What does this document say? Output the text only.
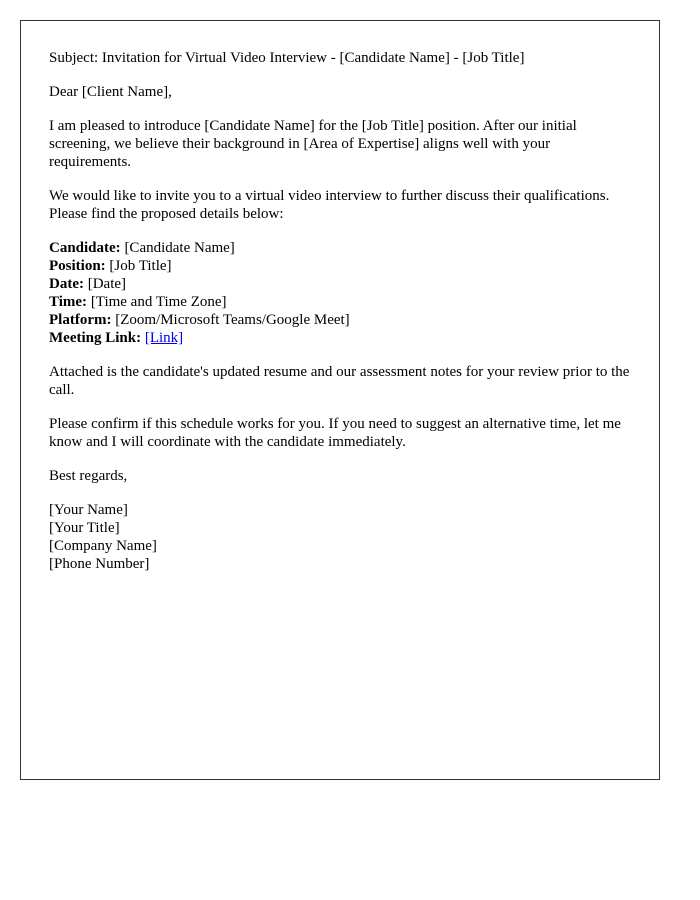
Subject: Invitation for Virtual Video Interview - [Candidate Name] - [Job Title]

Dear [Client Name],

I am pleased to introduce [Candidate Name] for the [Job Title] position. After our initial screening, we believe their background in [Area of Expertise] aligns well with your requirements.

We would like to invite you to a virtual video interview to further discuss their qualifications. Please find the proposed details below:

Candidate: [Candidate Name]
Position: [Job Title]
Date: [Date]
Time: [Time and Time Zone]
Platform: [Zoom/Microsoft Teams/Google Meet]
Meeting Link: [Link]

Attached is the candidate's updated resume and our assessment notes for your review prior to the call.

Please confirm if this schedule works for you. If you need to suggest an alternative time, let me know and I will coordinate with the candidate immediately.

Best regards,

[Your Name]
[Your Title]
[Company Name]
[Phone Number]
